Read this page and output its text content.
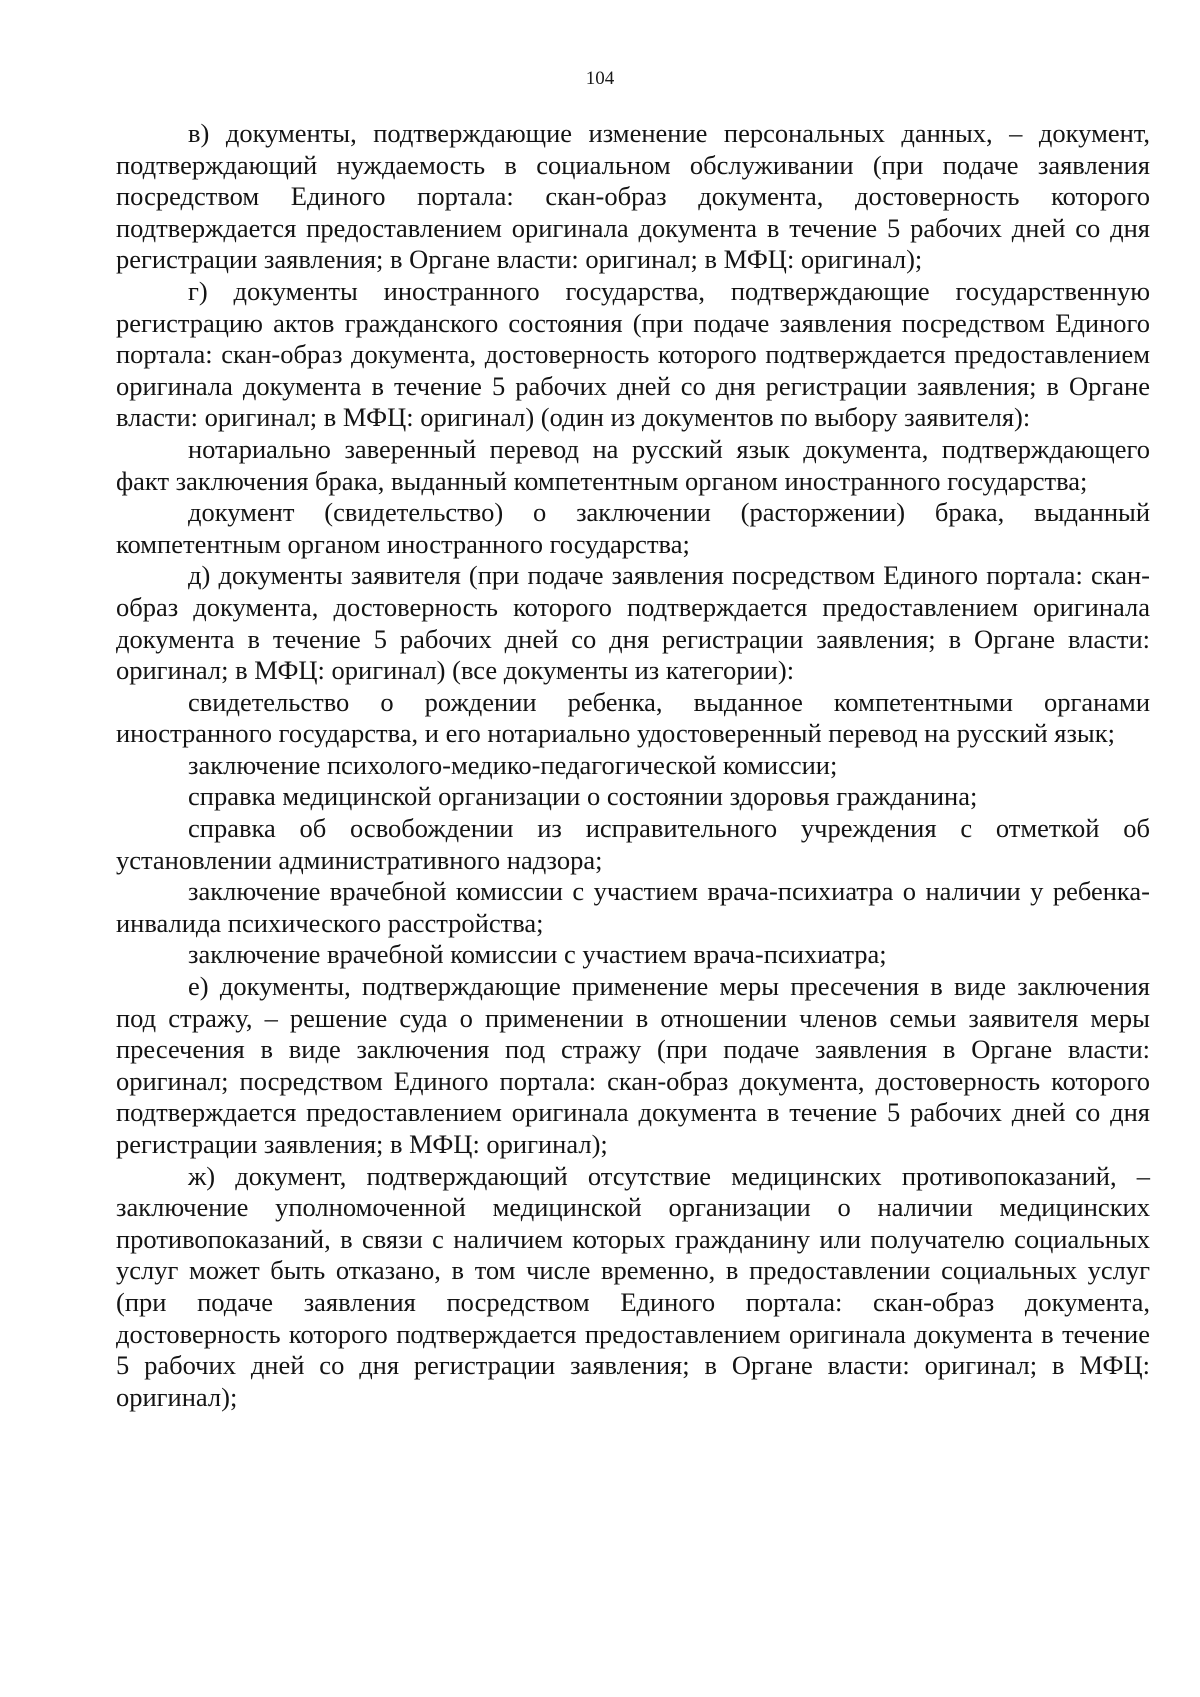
104

в) документы, подтверждающие изменение персональных данных, – документ, подтверждающий нуждаемость в социальном обслуживании (при подаче заявления посредством Единого портала: скан-образ документа, достоверность которого подтверждается предоставлением оригинала документа в течение 5 рабочих дней со дня регистрации заявления; в Органе власти: оригинал; в МФЦ: оригинал);

г) документы иностранного государства, подтверждающие государственную регистрацию актов гражданского состояния (при подаче заявления посредством Единого портала: скан-образ документа, достоверность которого подтверждается предоставлением оригинала документа в течение 5 рабочих дней со дня регистрации заявления; в Органе власти: оригинал; в МФЦ: оригинал) (один из документов по выбору заявителя):

нотариально заверенный перевод на русский язык документа, подтверждающего факт заключения брака, выданный компетентным органом иностранного государства;

документ (свидетельство) о заключении (расторжении) брака, выданный компетентным органом иностранного государства;

д) документы заявителя (при подаче заявления посредством Единого портала: скан-образ документа, достоверность которого подтверждается предоставлением оригинала документа в течение 5 рабочих дней со дня регистрации заявления; в Органе власти: оригинал; в МФЦ: оригинал) (все документы из категории):

свидетельство о рождении ребенка, выданное компетентными органами иностранного государства, и его нотариально удостоверенный перевод на русский язык;

заключение психолого-медико-педагогической комиссии;

справка медицинской организации о состоянии здоровья гражданина;

справка об освобождении из исправительного учреждения с отметкой об установлении административного надзора;

заключение врачебной комиссии с участием врача-психиатра о наличии у ребенка-инвалида психического расстройства;

заключение врачебной комиссии с участием врача-психиатра;

е) документы, подтверждающие применение меры пресечения в виде заключения под стражу, – решение суда о применении в отношении членов семьи заявителя меры пресечения в виде заключения под стражу (при подаче заявления в Органе власти: оригинал; посредством Единого портала: скан-образ документа, достоверность которого подтверждается предоставлением оригинала документа в течение 5 рабочих дней со дня регистрации заявления; в МФЦ: оригинал);

ж) документ, подтверждающий отсутствие медицинских противопоказаний, – заключение уполномоченной медицинской организации о наличии медицинских противопоказаний, в связи с наличием которых гражданину или получателю социальных услуг может быть отказано, в том числе временно, в предоставлении социальных услуг (при подаче заявления посредством Единого портала: скан-образ документа, достоверность которого подтверждается предоставлением оригинала документа в течение 5 рабочих дней со дня регистрации заявления; в Органе власти: оригинал; в МФЦ: оригинал);
